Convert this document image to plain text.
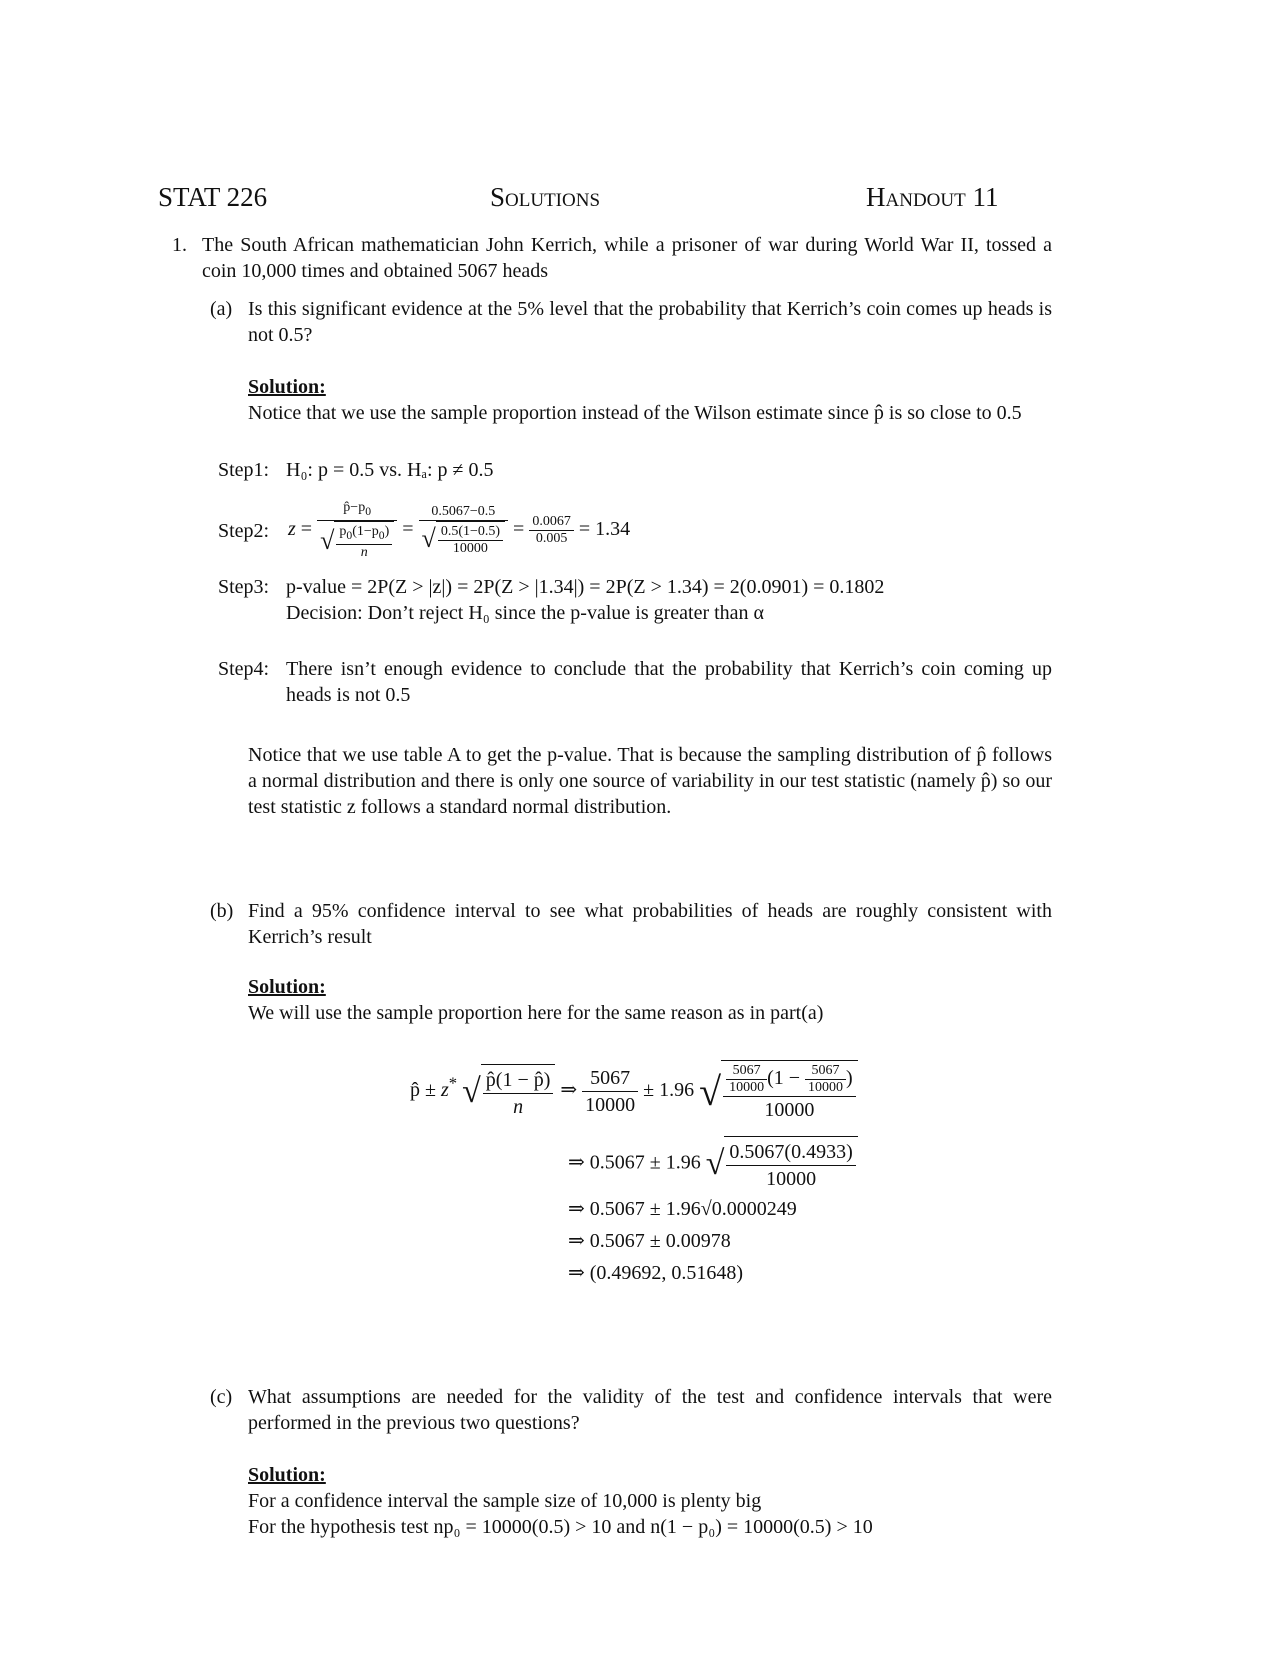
STAT 226	Solutions	Handout 11
1. The South African mathematician John Kerrich, while a prisoner of war during World War II, tossed a coin 10,000 times and obtained 5067 heads
(a) Is this significant evidence at the 5% level that the probability that Kerrich’s coin comes up heads is not 0.5?
Solution:
Notice that we use the sample proportion instead of the Wilson estimate since p̂ is so close to 0.5
Step1: H₀: p = 0.5 vs. Hₐ: p ≠ 0.5
Step2: $z = \frac{p̂-p_0}{√ \frac{p_0(1-p_0)}{n}} = \frac{0.5067-0.5}{√ \frac{0.5(1-0.5)}{10000}} = \frac{0.0067}{0.005} = 1.34$
Step3: p-value = 2P(Z > |z|) = 2P(Z > |1.34|) = 2P(Z > 1.34) = 2(0.0901) = 0.1802
Decision: Don’t reject H₀ since the p-value is greater than α
Step4: There isn’t enough evidence to conclude that the probability that Kerrich’s coin coming up heads is not 0.5
Notice that we use table A to get the p-value. That is because the sampling distribution of p̂ follows a normal distribution and there is only one source of variability in our test statistic (namely p̂) so our test statistic z follows a standard normal distribution.
(b) Find a 95% confidence interval to see what probabilities of heads are roughly consistent with Kerrich’s result
Solution:
We will use the sample proportion here for the same reason as in part(a)
p̂ ± z* √ $\frac{p̂(1 - p̂)}{n}$ ⇒ $\frac{5067}{10000} \pm 1.96$ √ $\frac{\frac{5067}{10000} (1 - \frac{5067}{10000} )}{10000}$
⇒ 0.5067 ± 1.96 √ $\frac{0.5067(0.4933)}{10000}$
⇒ 0.5067 ± 1.96√0.0000249
⇒ 0.5067 ± 0.00978
⇒ (0.49692, 0.51648)
(c) What assumptions are needed for the validity of the test and confidence intervals that were performed in the previous two questions?
Solution:
For a confidence interval the sample size of 10,000 is plenty big
For the hypothesis test np₀ = 10000(0.5) > 10 and n(1 − p₀) = 10000(0.5) > 10
